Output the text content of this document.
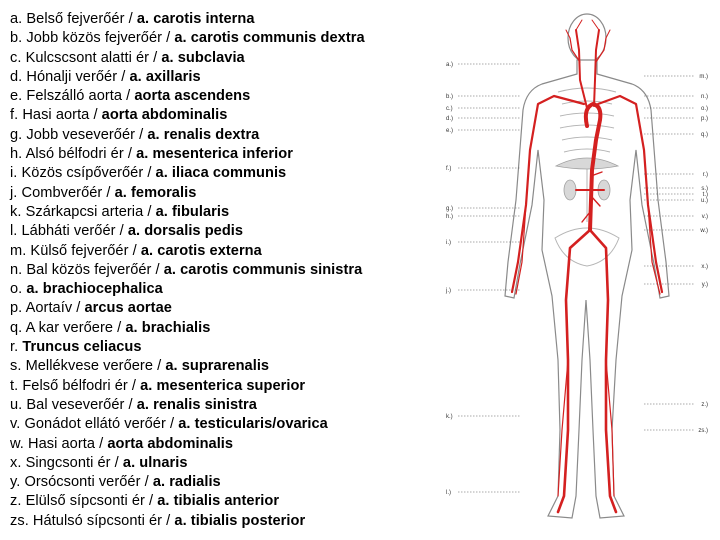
a. Belső fejverőér / a. carotis interna
b. Jobb közös fejverőér / a. carotis communis dextra
c. Kulcscsont alatti ér / a. subclavia
d. Hónalji verőér / a. axillaris
e. Felszálló aorta / aorta ascendens
f. Hasi aorta / aorta abdominalis
g. Jobb veseverőér / a. renalis dextra
h. Alsó bélfodri ér / a. mesenterica inferior
i. Közös csípőverőér / a. iliaca communis
j. Combverőér / a. femoralis
k. Szárkapcsi arteria / a. fibularis
l. Lábháti verőér / a. dorsalis pedis
m. Külső fejverőér / a. carotis externa
n. Bal közös fejverőér / a. carotis communis sinistra
o. a. brachiocephalica
p. Aortaív / arcus aortae
q. A kar verőere / a. brachialis
r. Truncus celiacus
s. Mellékvese verőere / a. suprarenalis
t. Felső bélfodri ér / a. mesenterica superior
u. Bal veseverőér / a. renalis sinistra
v. Gonádot ellátó verőér / a. testicularis/ovarica
w. Hasi aorta / aorta abdominalis
x. Singcsonti ér / a. ulnaris
y. Orsócsonti verőér / a. radialis
z. Elülső sípcsonti ér / a. tibialis anterior
zs. Hátulsó sípcsonti ér / a. tibialis posterior
a.)
b.)
c.)
d.)
e.)
f.)
g.)
h.)
i.)
j.)
k.)
l.)
m.)
n.)
o.)
p.)
q.)
r.)
s.)
t.)
u.)
v.)
w.)
x.)
y.)
z.)
zs.)
